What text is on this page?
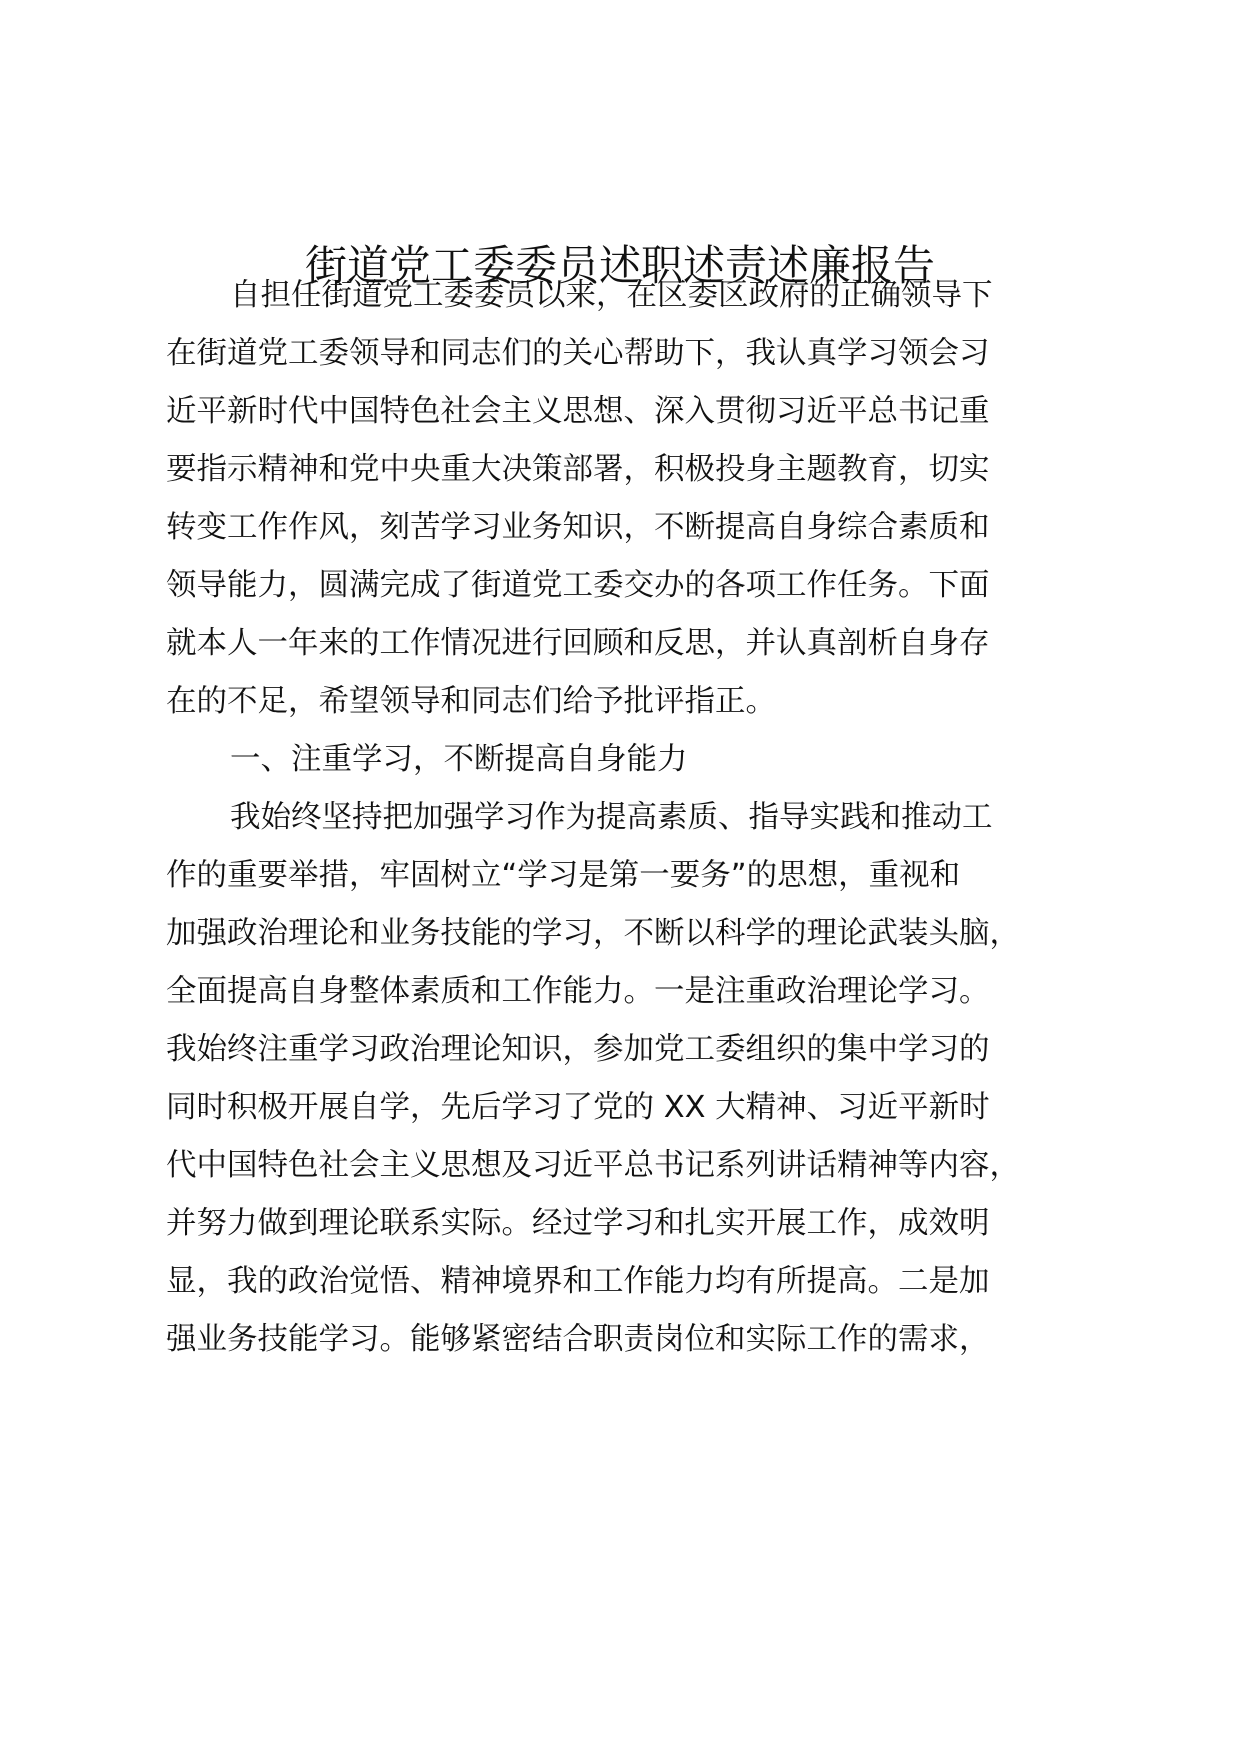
街道党工委委员述职述责述廉报告
自担任街道党工委委员以来，在区委区政府的正确领导下
在街道党工委领导和同志们的关心帮助下，我认真学习领会习
近平新时代中国特色社会主义思想、深入贯彻习近平总书记重
要指示精神和党中央重大决策部署，积极投身主题教育，切实
转变工作作风，刻苦学习业务知识，不断提高自身综合素质和
领导能力，圆满完成了街道党工委交办的各项工作任务。下面
就本人一年来的工作情况进行回顾和反思，并认真剖析自身存
在的不足，希望领导和同志们给予批评指正。
一、注重学习，不断提高自身能力
我始终坚持把加强学习作为提高素质、指导实践和推动工
作的重要举措，牢固树立“学习是第一要务”的思想，重视和
加强政治理论和业务技能的学习，不断以科学的理论武装头脑，
全面提高自身整体素质和工作能力。一是注重政治理论学习。
我始终注重学习政治理论知识，参加党工委组织的集中学习的
同时积极开展自学，先后学习了党的 XX 大精神、习近平新时
代中国特色社会主义思想及习近平总书记系列讲话精神等内容，
并努力做到理论联系实际。经过学习和扎实开展工作，成效明
显，我的政治觉悟、精神境界和工作能力均有所提高。二是加
强业务技能学习。能够紧密结合职责岗位和实际工作的需求，
